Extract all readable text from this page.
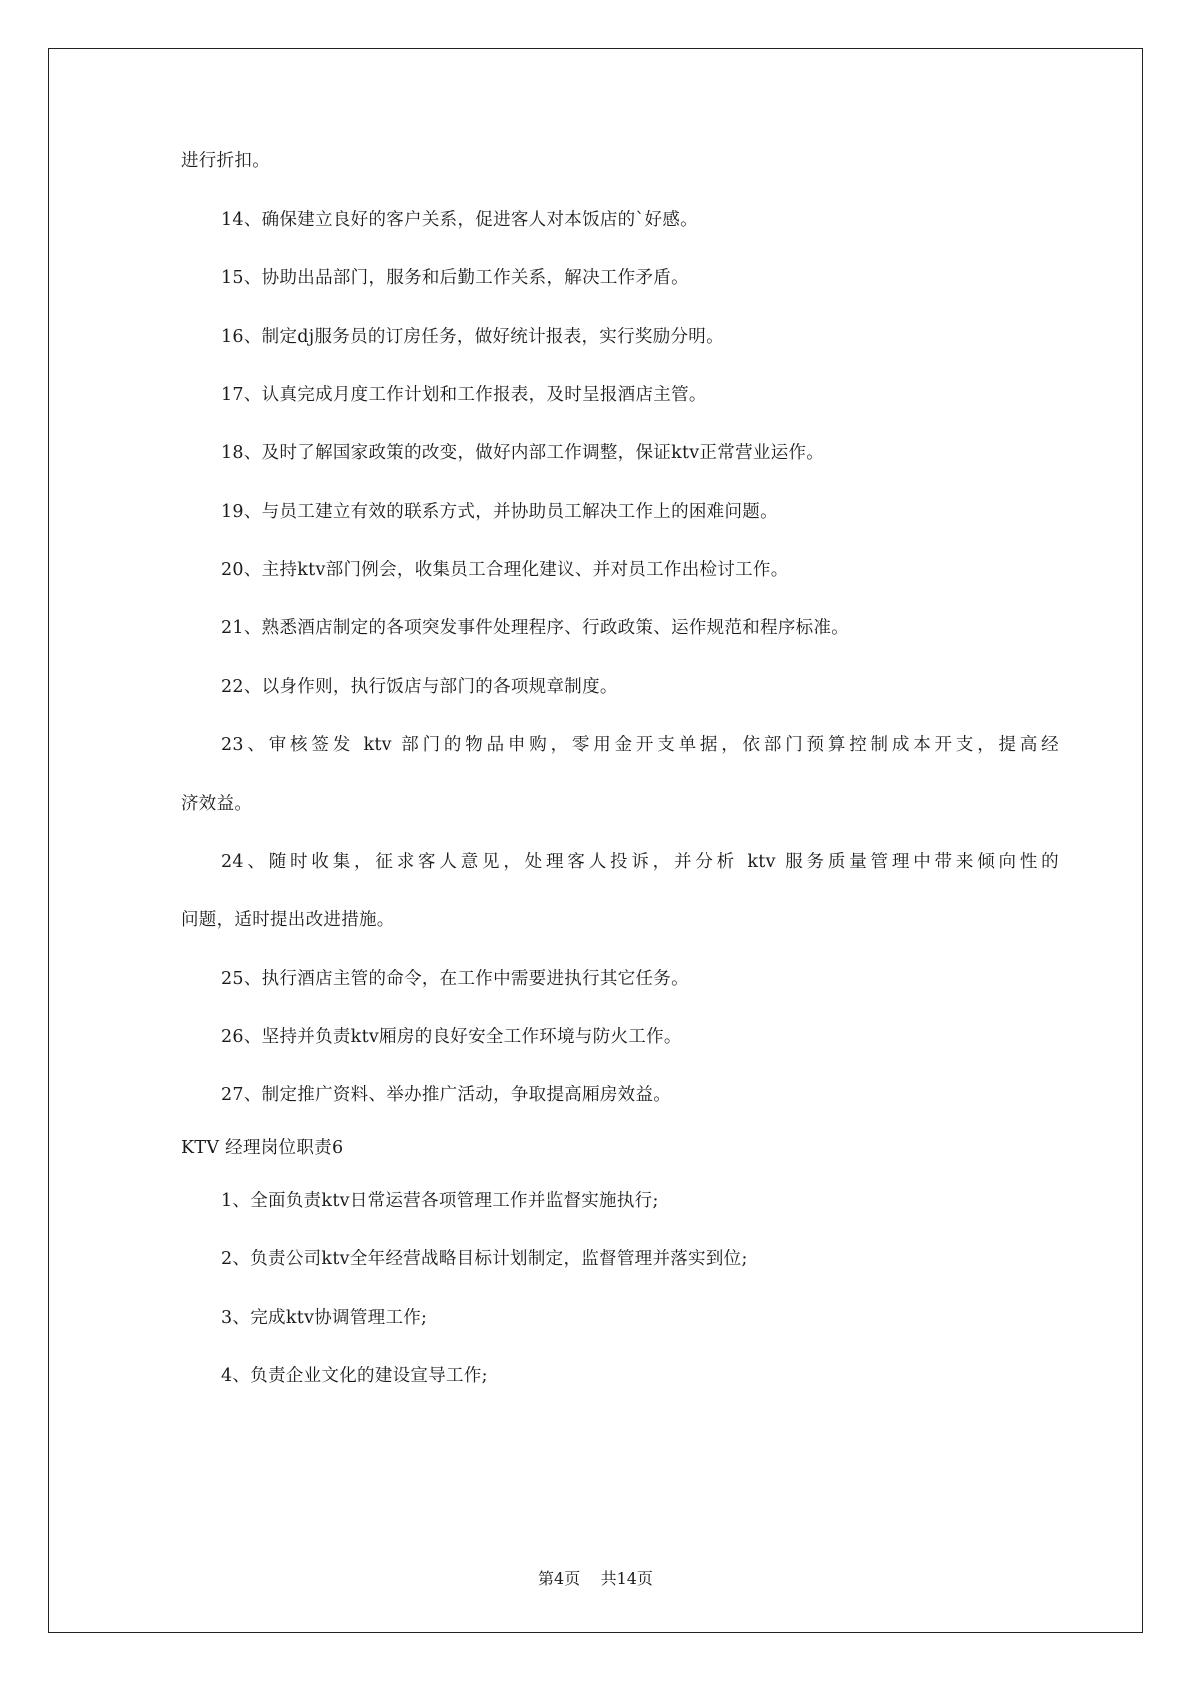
进行折扣。
14、确保建立良好的客户关系，促进客人对本饭店的`好感。
15、协助出品部门，服务和后勤工作关系，解决工作矛盾。
16、制定dj服务员的订房任务，做好统计报表，实行奖励分明。
17、认真完成月度工作计划和工作报表，及时呈报酒店主管。
18、及时了解国家政策的改变，做好内部工作调整，保证ktv正常营业运作。
19、与员工建立有效的联系方式，并协助员工解决工作上的困难问题。
20、主持ktv部门例会，收集员工合理化建议、并对员工作出检讨工作。
21、熟悉酒店制定的各项突发事件处理程序、行政政策、运作规范和程序标准。
22、以身作则，执行饭店与部门的各项规章制度。
23、审核签发 ktv 部门的物品申购，零用金开支单据，依部门预算控制成本开支，提高经
济效益。
24、随时收集，征求客人意见，处理客人投诉，并分析 ktv 服务质量管理中带来倾向性的
问题，适时提出改进措施。
25、执行酒店主管的命令，在工作中需要进执行其它任务。
26、坚持并负责ktv厢房的良好安全工作环境与防火工作。
27、制定推广资料、举办推广活动，争取提高厢房效益。
KTV 经理岗位职责6
1、全面负责ktv日常运营各项管理工作并监督实施执行;
2、负责公司ktv全年经营战略目标计划制定，监督管理并落实到位;
3、完成ktv协调管理工作;
4、负责企业文化的建设宣导工作;
第4页    共14页
